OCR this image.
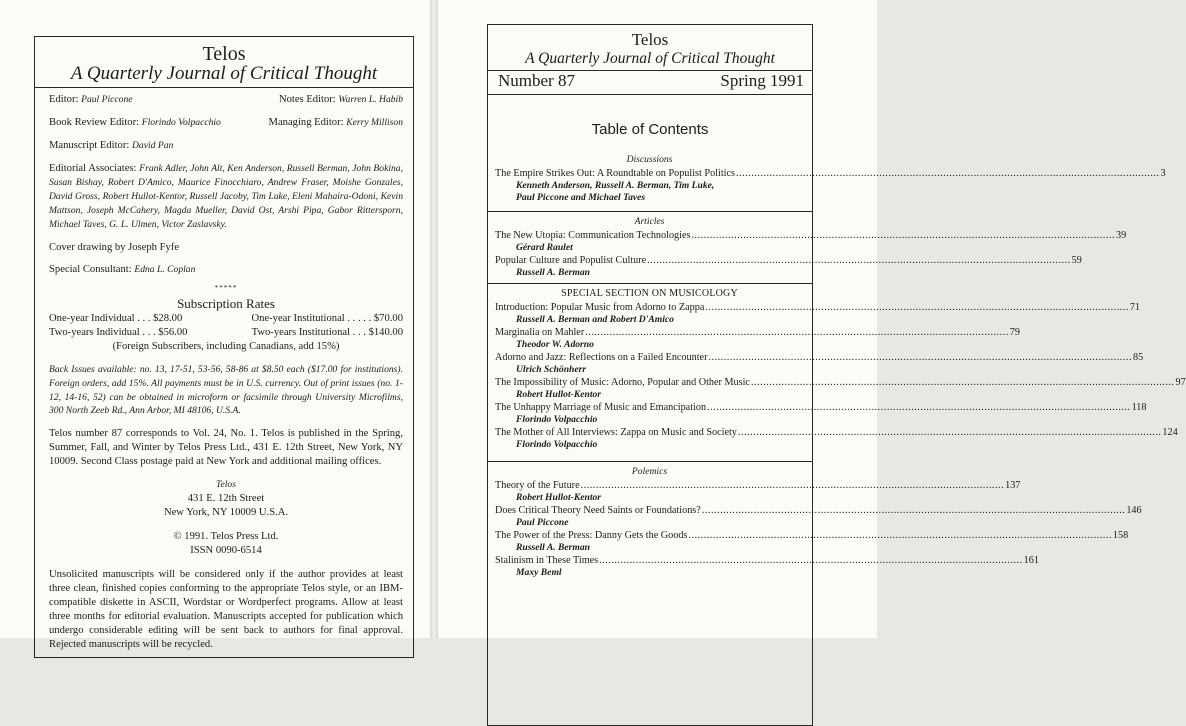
Telos
A Quarterly Journal of Critical Thought
Editor: Paul Piccone	Notes Editor: Warren L. Habib
Book Review Editor: Florindo Volpacchio	Managing Editor: Kerry Millison
Manuscript Editor: David Pan
Editorial Associates: Frank Adler, John Alt, Ken Anderson, Russell Berman, John Bokina, Susan Bishay, Robert D'Amico, Maurice Finocchiaro, Andrew Fraser, Moishe Gonzales, David Gross, Robert Hullot-Kentor, Russell Jacoby, Tim Luke, Eleni Mahaira-Odoni, Kevin Mattson, Joseph McCahery, Magda Mueller, David Ost, Arshi Pipa, Gabor Rittersporn, Michael Taves, G. L. Ulmen, Victor Zaslavsky.
Cover drawing by Joseph Fyfe
Special Consultant: Edna L. Coplan
*****
Subscription Rates
One-year Individual . . . $28.00	One-year Institutional . . . . . $70.00
Two-years Individual . . . $56.00	Two-years Institutional . . . $140.00
(Foreign Subscribers, including Canadians, add 15%)
Back Issues available: no. 13, 17-51, 53-56, 58-86 at $8.50 each ($17.00 for institutions). Foreign orders, add 15%. All payments must be in U.S. currency. Out of print issues (no. 1-12, 14-16, 52) can be obtained in microform or facsimile through University Microfilms, 300 North Zeeb Rd., Ann Arbor, MI 48106, U.S.A.
Telos number 87 corresponds to Vol. 24, No. 1. Telos is published in the Spring, Summer, Fall, and Winter by Telos Press Ltd., 431 E. 12th Street, New York, NY 10009. Second Class postage paid at New York and additional mailing offices.
Telos
431 E. 12th Street
New York, NY 10009 U.S.A.
© 1991. Telos Press Ltd.
ISSN 0090-6514
Unsolicited manuscripts will be considered only if the author provides at least three clean, finished copies conforming to the appropriate Telos style, or an IBM-compatible diskette in ASCII, Wordstar or Wordperfect programs. Allow at least three months for editorial evaluation. Manuscripts accepted for publication which undergo considerable editing will be sent back to authors for final approval. Rejected manuscripts will be recycled.
Telos
A Quarterly Journal of Critical Thought
Number 87	Spring 1991
Table of Contents
Discussions
The Empire Strikes Out: A Roundtable on Populist Politics .....	3
Kenneth Anderson, Russell A. Berman, Tim Luke,
Paul Piccone and Michael Taves
Articles
The New Utopia: Communication Technologies .....	39
Gérard Raulet
Popular Culture and Populist Culture .....	59
Russell A. Berman
SPECIAL SECTION ON MUSICOLOGY
Introduction: Popular Music from Adorno to Zappa .....	71
Russell A. Berman and Robert D'Amico
Marginalia on Mahler .....	79
Theodor W. Adorno
Adorno and Jazz: Reflections on a Failed Encounter .....	85
Ulrich Schönherr
The Impossibility of Music: Adorno, Popular and Other Music .....	97
Robert Hullot-Kentor
The Unhappy Marriage of Music and Emancipation .....	118
Florindo Volpacchio
The Mother of All Interviews: Zappa on Music and Society .....	124
Florindo Volpacchio
Polemics
Theory of the Future .....	137
Robert Hullot-Kentor
Does Critical Theory Need Saints or Foundations? .....	146
Paul Piccone
The Power of the Press: Danny Gets the Goods .....	158
Russell A. Berman
Stalinism in These Times .....	161
Maxy Beml
